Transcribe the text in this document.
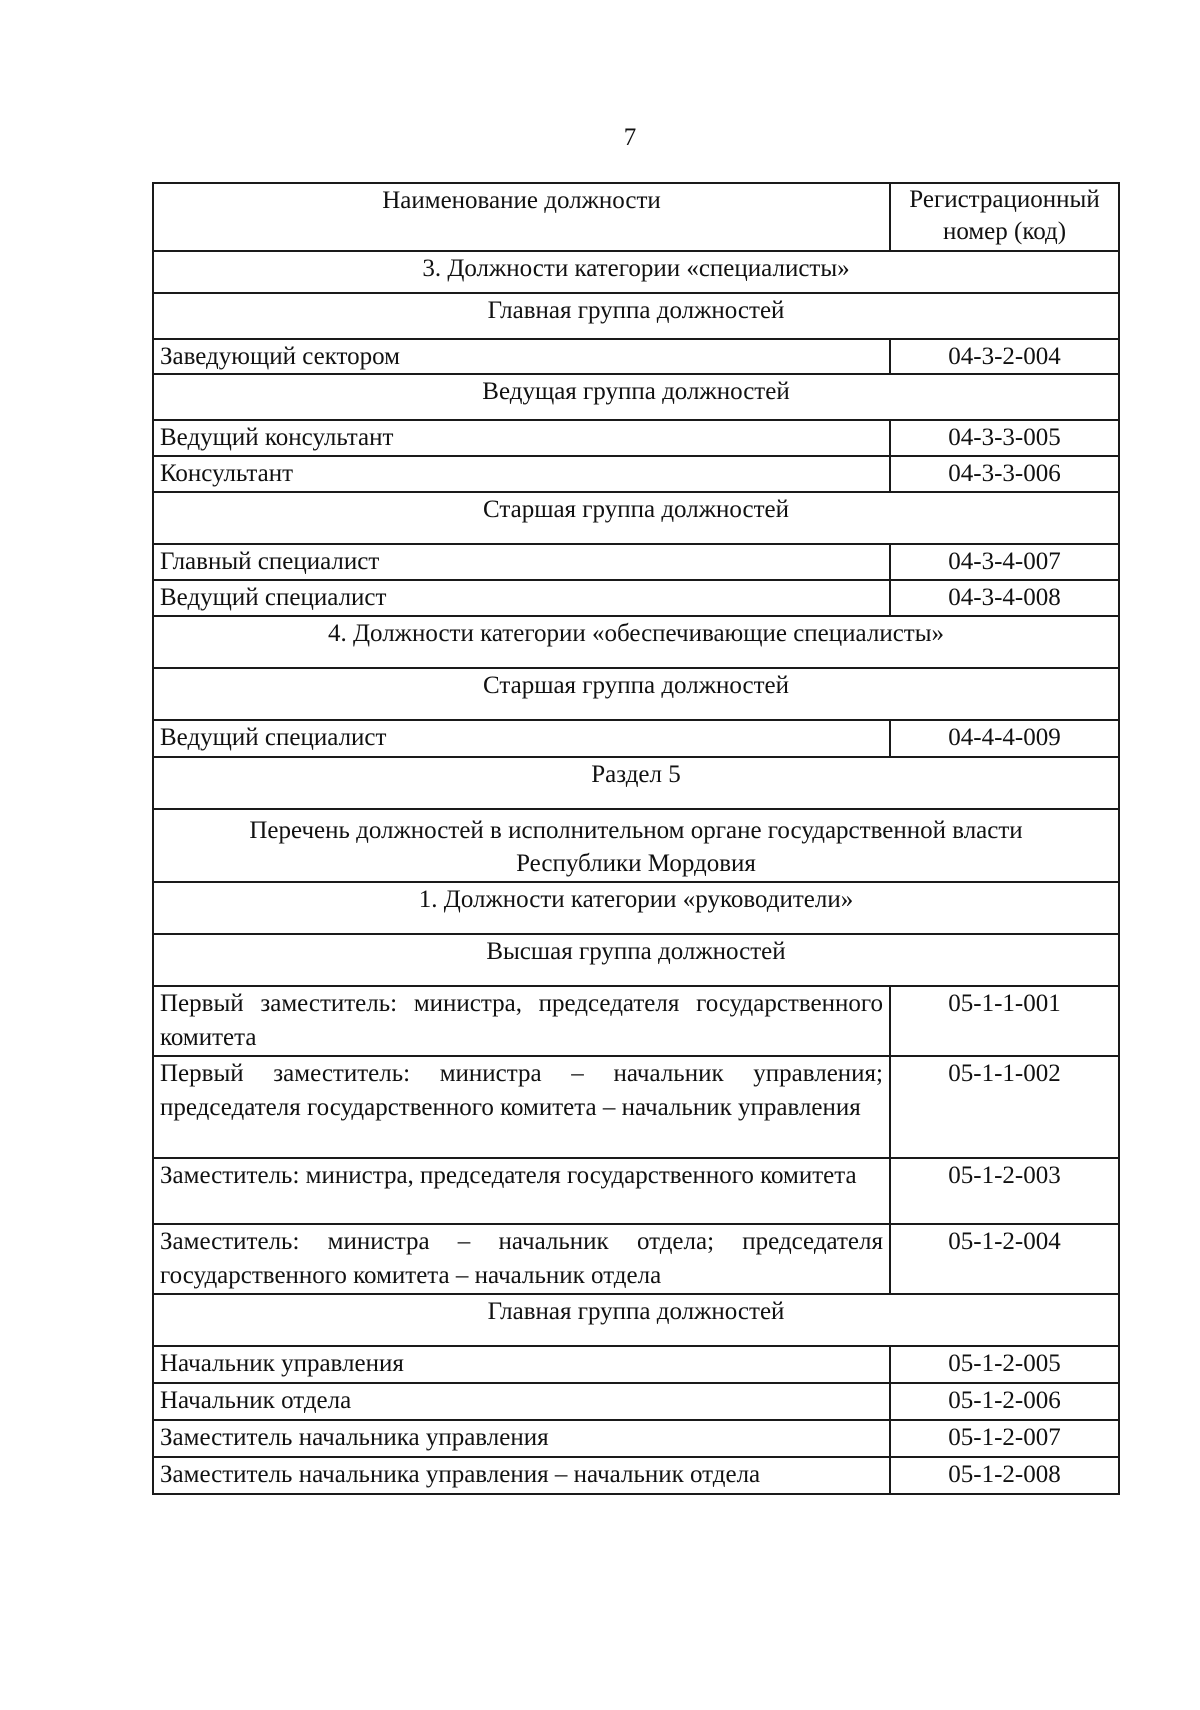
7
Наименование должности	Регистрационный номер (код)
3. Должности категории «специалисты»	
Главная группа должностей	
Заведующий сектором	04-3-2-004
Ведущая группа должностей	
Ведущий консультант	04-3-3-005
Консультант	04-3-3-006
Старшая группа должностей	
Главный специалист	04-3-4-007
Ведущий специалист	04-3-4-008
4. Должности категории «обеспечивающие специалисты»	
Старшая группа должностей	
Ведущий специалист	04-4-4-009
Раздел 5	
Перечень должностей в исполнительном органе государственной власти Республики Мордовия	
1. Должности категории «руководители»	
Высшая группа должностей	
Первый заместитель: министра, председателя государственного комитета	05-1-1-001
Первый заместитель: министра – начальник управления; председателя государственного комитета – начальник управления	05-1-1-002
Заместитель: министра, председателя государственного комитета	05-1-2-003
Заместитель: министра – начальник отдела; председателя государственного комитета – начальник отдела	05-1-2-004
Главная группа должностей	
Начальник управления	05-1-2-005
Начальник отдела	05-1-2-006
Заместитель начальника управления	05-1-2-007
Заместитель начальника управления – начальник отдела	05-1-2-008
